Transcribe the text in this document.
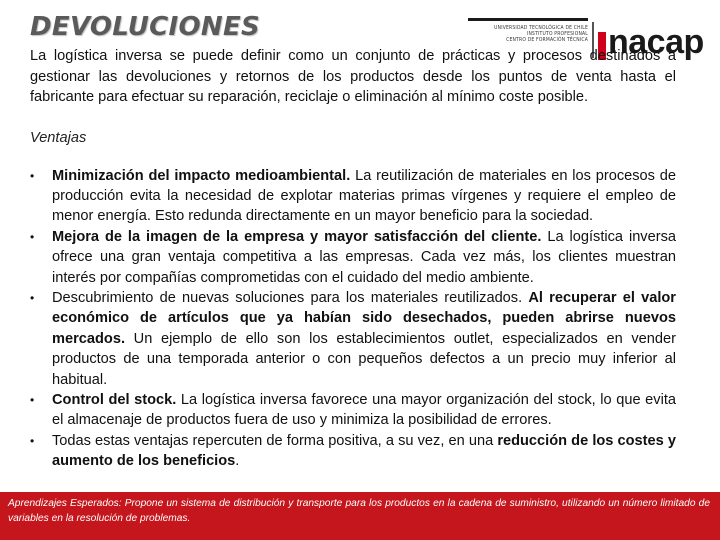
DEVOLUCIONES	UNIVERSIDAD TECNOLÓGICA DE CHILE
INSTITUTO PROFESIONAL
CENTRO DE FORMACIÓN TÉCNICA nacap

La logística inversa se puede definir como un conjunto de prácticas y procesos destinados a gestionar las devoluciones y retornos de los productos desde los puntos de venta hasta el fabricante para efectuar su reparación, reciclaje o eliminación al mínimo coste posible.

Ventajas

• Minimización del impacto medioambiental. La reutilización de materiales en los procesos de producción evita la necesidad de explotar materias primas vírgenes y requiere el empleo de menor energía. Esto redunda directamente en un mayor beneficio para la sociedad.
• Mejora de la imagen de la empresa y mayor satisfacción del cliente. La logística inversa ofrece una gran ventaja competitiva a las empresas. Cada vez más, los clientes muestran interés por compañías comprometidas con el cuidado del medio ambiente.
• Descubrimiento de nuevas soluciones para los materiales reutilizados. Al recuperar el valor económico de artículos que ya habían sido desechados, pueden abrirse nuevos mercados. Un ejemplo de ello son los establecimientos outlet, especializados en vender productos de una temporada anterior o con pequeños defectos a un precio muy inferior al habitual.
• Control del stock. La logística inversa favorece una mayor organización del stock, lo que evita el almacenaje de productos fuera de uso y minimiza la posibilidad de errores.
• Todas estas ventajas repercuten de forma positiva, a su vez, en una reducción de los costes y aumento de los beneficios.

Aprendizajes Esperados: Propone un sistema de distribución y transporte para los productos en la cadena de suministro, utilizando un número limitado de variables en la resolución de problemas.
